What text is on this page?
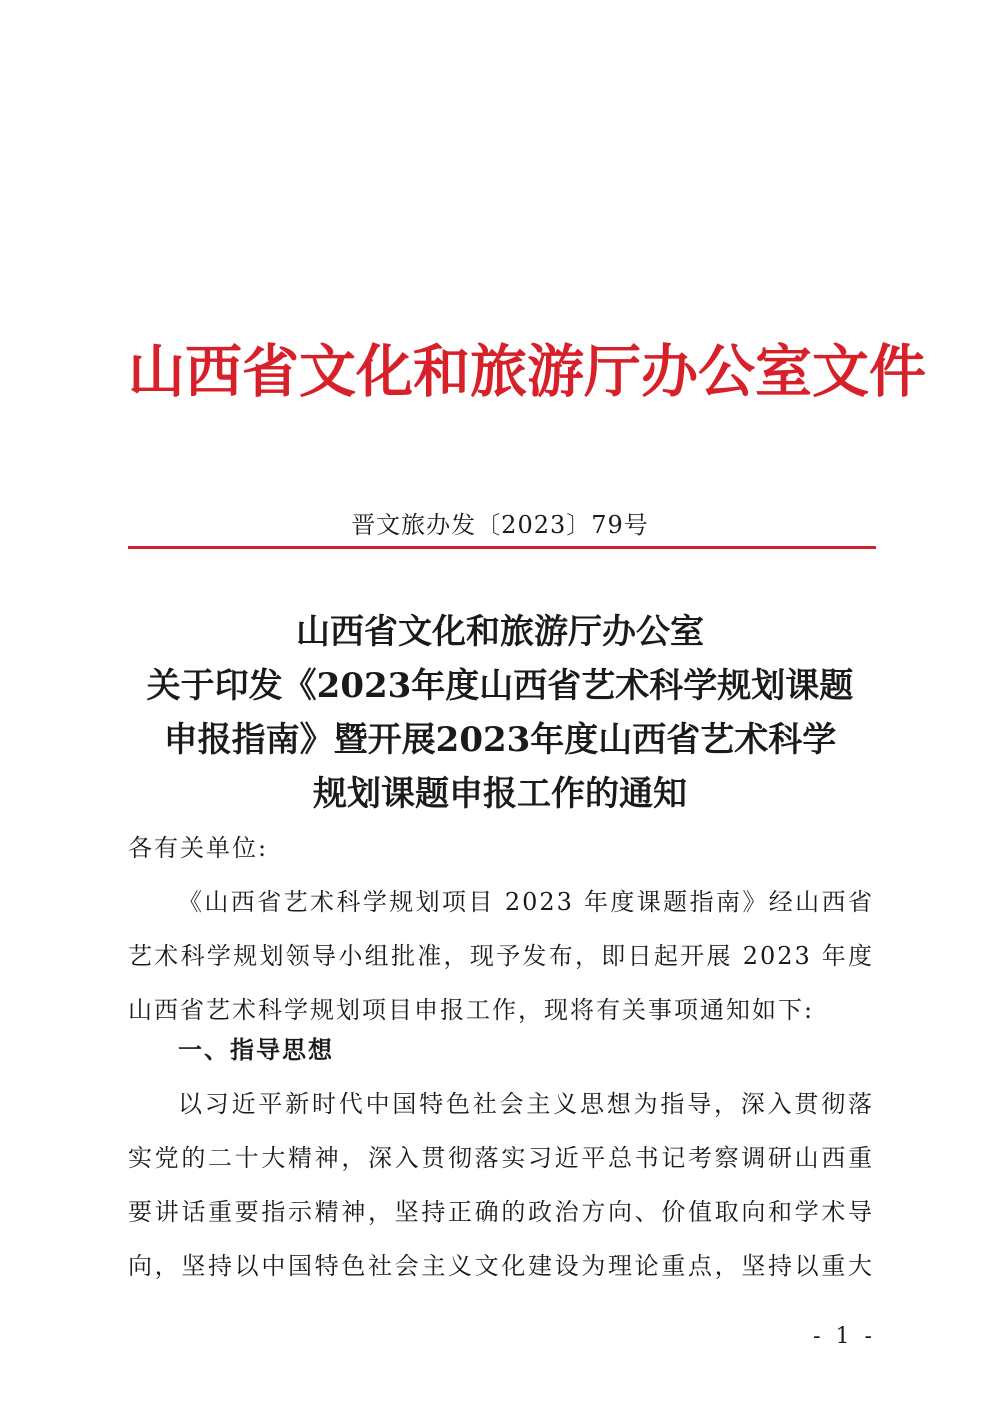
山西省文化和旅游厅办公室文件
晋文旅办发〔2023〕79号
山西省文化和旅游厅办公室
关于印发《2023年度山西省艺术科学规划课题
申报指南》暨开展2023年度山西省艺术科学
规划课题申报工作的通知
各有关单位:
《山西省艺术科学规划项目 2023 年度课题指南》经山西省
艺术科学规划领导小组批准，现予发布，即日起开展 2023 年度
山西省艺术科学规划项目申报工作，现将有关事项通知如下:
一、指导思想
以习近平新时代中国特色社会主义思想为指导，深入贯彻落
实党的二十大精神，深入贯彻落实习近平总书记考察调研山西重
要讲话重要指示精神，坚持正确的政治方向、价值取向和学术导
向，坚持以中国特色社会主义文化建设为理论重点，坚持以重大
- 1 -
